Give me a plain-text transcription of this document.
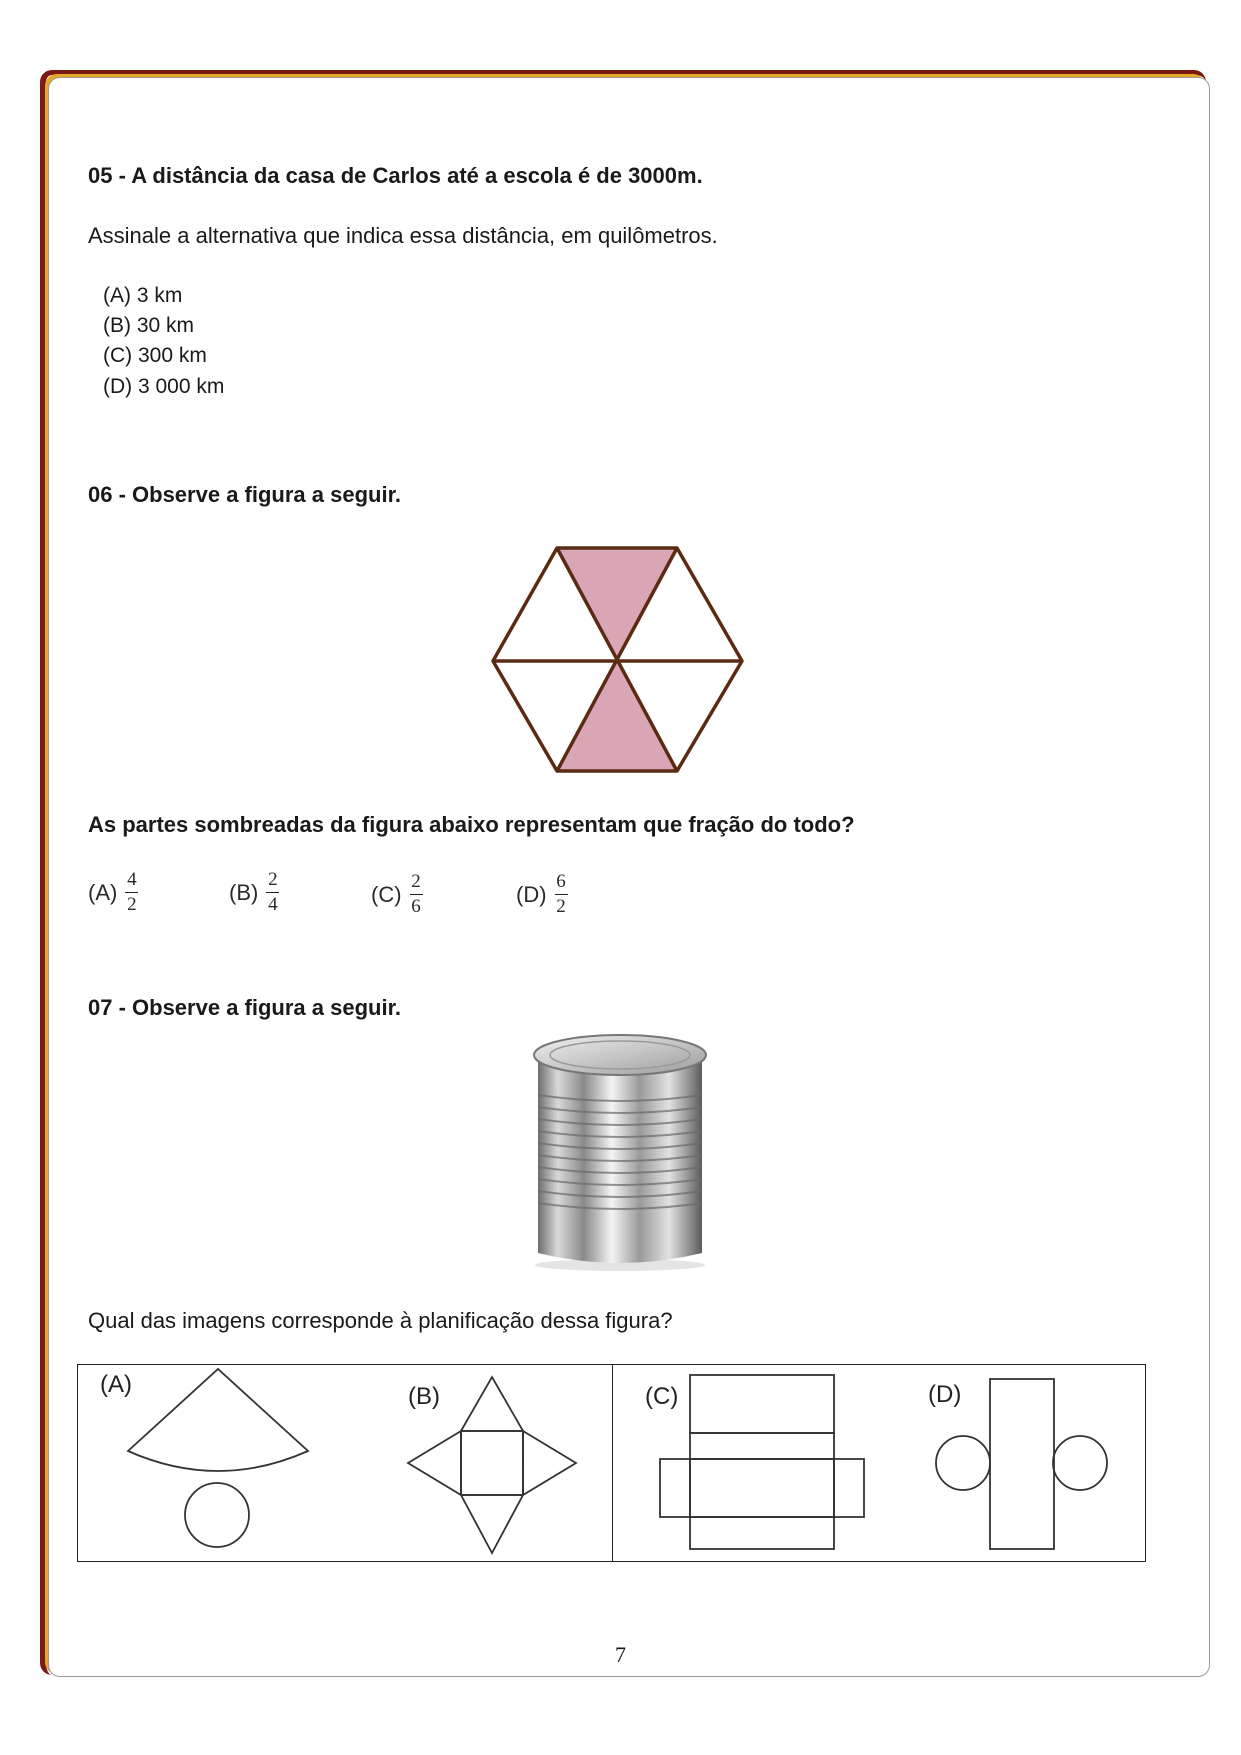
05 - A distância da casa de Carlos até a escola é de 3000m.
Assinale a alternativa que indica essa distância, em quilômetros.
(A) 3 km
(B) 30 km
(C) 300 km
(D) 3 000 km
06 - Observe a figura a seguir.
As partes sombreadas da figura abaixo representam que fração do todo?
$(A) \frac{4}{2}$	$(B) \frac{2}{4}$	$(C) \frac{2}{6}$	$(D) \frac{6}{2}$
07 - Observe a figura a seguir.
Qual das imagens corresponde à planificação dessa figura?
(A)	(B)	(C)	(D)
7
